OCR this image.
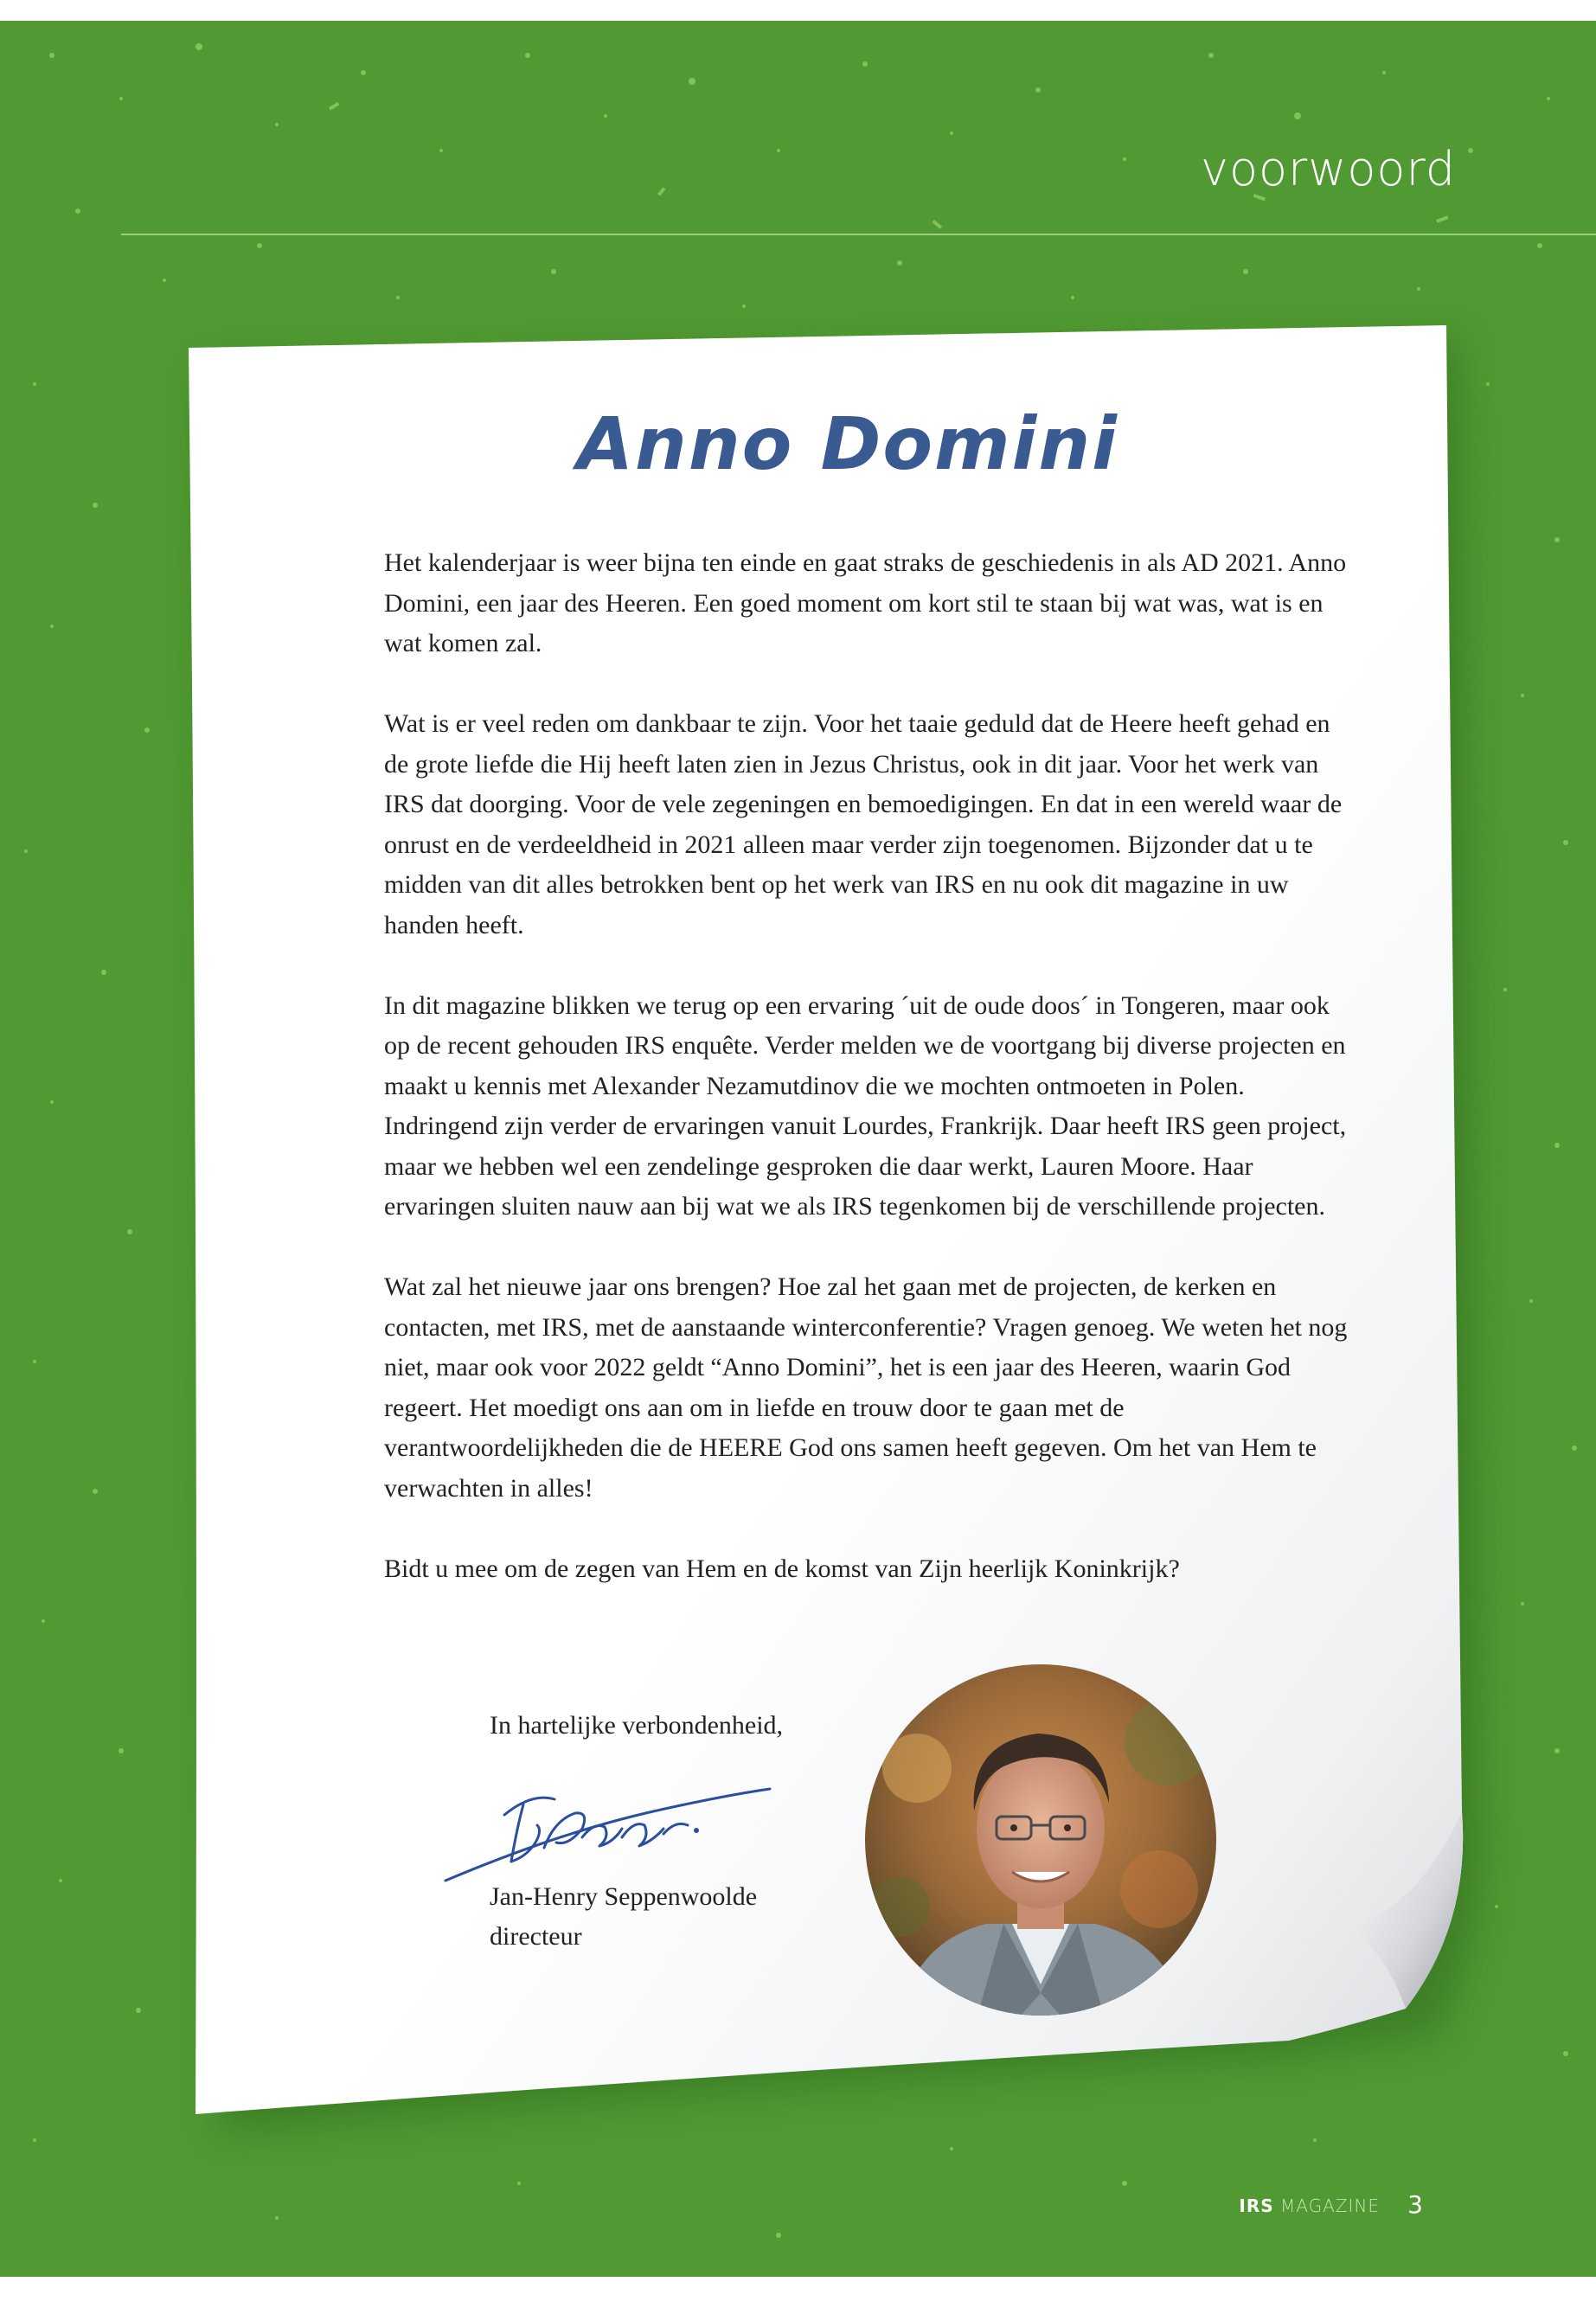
voorwoord
Anno Domini

Het kalenderjaar is weer bijna ten einde en gaat straks de geschiedenis in als AD 2021. Anno Domini, een jaar des Heeren. Een goed moment om kort stil te staan bij wat was, wat is en wat komen zal.

Wat is er veel reden om dankbaar te zijn. Voor het taaie geduld dat de Heere heeft gehad en de grote liefde die Hij heeft laten zien in Jezus Christus, ook in dit jaar. Voor het werk van IRS dat doorging. Voor de vele zegeningen en bemoedigingen. En dat in een wereld waar de onrust en de verdeeldheid in 2021 alleen maar verder zijn toegenomen. Bijzonder dat u te midden van dit alles betrokken bent op het werk van IRS en nu ook dit magazine in uw handen heeft.

In dit magazine blikken we terug op een ervaring ´uit de oude doos´ in Tongeren, maar ook op de recent gehouden IRS enquête. Verder melden we de voortgang bij diverse projecten en maakt u kennis met Alexander Nezamutdinov die we mochten ontmoeten in Polen. Indringend zijn verder de ervaringen vanuit Lourdes, Frankrijk. Daar heeft IRS geen project, maar we hebben wel een zendelinge gesproken die daar werkt, Lauren Moore. Haar ervaringen sluiten nauw aan bij wat we als IRS tegenkomen bij de verschillende projecten.

Wat zal het nieuwe jaar ons brengen? Hoe zal het gaan met de projecten, de kerken en contacten, met IRS, met de aanstaande winterconferentie? Vragen genoeg. We weten het nog niet, maar ook voor 2022 geldt “Anno Domini”, het is een jaar des Heeren, waarin God regeert. Het moedigt ons aan om in liefde en trouw door te gaan met de verantwoordelijkheden die de HEERE God ons samen heeft gegeven. Om het van Hem te verwachten in alles!

Bidt u mee om de zegen van Hem en de komst van Zijn heerlijk Koninkrijk?

In hartelijke verbondenheid,
Jan-Henry Seppenwoolde
directeur
IRS MAGAZINE 3
